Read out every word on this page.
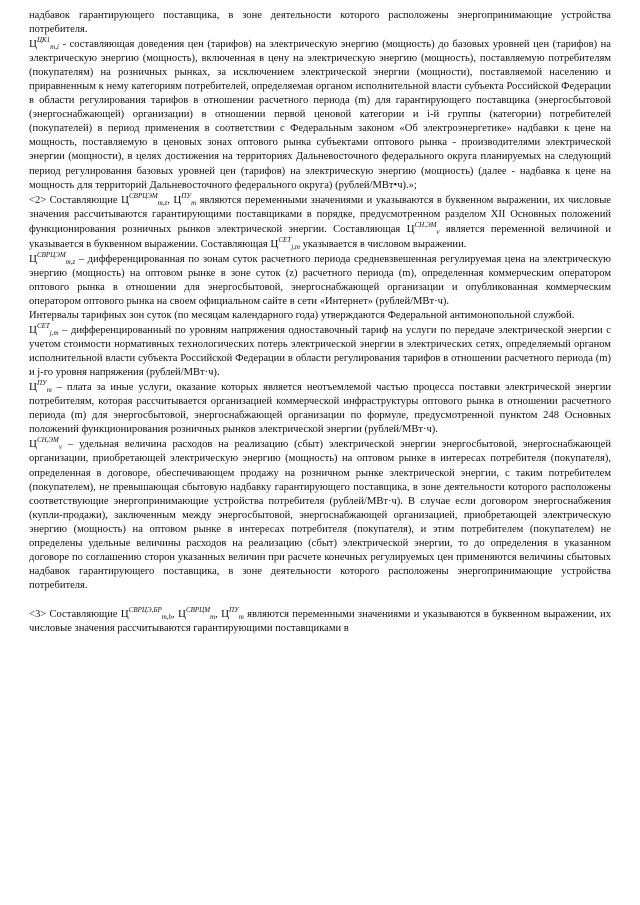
надбавок гарантирующего поставщика, в зоне деятельности которого расположены энергопринимающие устройства потребителя.

$Ц^{ЦК1}_{m,i}$ - составляющая доведения цен (тарифов) на электрическую энергию (мощность) до базовых уровней цен (тарифов) на электрическую энергию (мощность), включенная в цену на электрическую энергию (мощность), поставляемую потребителям (покупателям) на розничных рынках, за исключением электрической энергии (мощности), поставляемой населению и приравненным к нему категориям потребителей, определяемая органом исполнительной власти субъекта Российской Федерации в области регулирования тарифов в отношении расчетного периода (m) для гарантирующего поставщика (энергосбытовой (энергоснабжающей) организации) в отношении первой ценовой категории и i-й группы (категории) потребителей (покупателей) в период применения в соответствии с Федеральным законом «Об электроэнергетике» надбавки к цене на мощность, поставляемую в ценовых зонах оптового рынка субъектами оптового рынка - производителями электрической энергии (мощности), в целях достижения на территориях Дальневосточного федерального округа планируемых на следующий период регулирования базовых уровней цен (тарифов) на электрическую энергию (мощность) (далее - надбавка к цене на мощность для территорий Дальневосточного федерального округа) (рублей/МВт•ч).»;

<2> Составляющие $Ц^{СВРЦЭМ}_{m,z}$, $Ц^{ПУ}_m$ являются переменными значениями и указываются в буквенном выражении, их числовые значения рассчитываются гарантирующими поставщиками в порядке, предусмотренном разделом XII Основных положений функционирования розничных рынков электрической энергии. Составляющая $Ц^{СН,ЭМ}_v$ является переменной величиной и указывается в буквенном выражении. Составляющая $Ц^{СЕТ}_{j,m}$ указывается в числовом выражении.

$Ц^{СВРЦЭМ}_{m,z}$ – дифференцированная по зонам суток расчетного периода средневзвешенная регулируемая цена на электрическую энергию (мощность) на оптовом рынке в зоне суток (z) расчетного периода (m), определенная коммерческим оператором оптового рынка в отношении для энергосбытовой, энергоснабжающей организации и опубликованная коммерческим оператором оптового рынка на своем официальном сайте в сети «Интернет» (рублей/МВт·ч).

Интервалы тарифных зон суток (по месяцам календарного года) утверждаются Федеральной антимонопольной службой.

$Ц^{СЕТ}_{j,m}$ – дифференцированный по уровням напряжения одноставочный тариф на услуги по передаче электрической энергии с учетом стоимости нормативных технологических потерь электрической энергии в электрических сетях, определяемый органом исполнительной власти субъекта Российской Федерации в области регулирования тарифов в отношении расчетного периода (m) и j-го уровня напряжения (рублей/МВт·ч).

$Ц^{ПУ}_m$ – плата за иные услуги, оказание которых является неотъемлемой частью процесса поставки электрической энергии потребителям, которая рассчитывается организацией коммерческой инфраструктуры оптового рынка в отношении расчетного периода (m) для энергосбытовой, энергоснабжающей организации по формуле, предусмотренной пунктом 248 Основных положений функционирования розничных рынков электрической энергии (рублей/МВт·ч).

$Ц^{СН,ЭМ}_v$ – удельная величина расходов на реализацию (сбыт) электрической энергии энергосбытовой, энергоснабжающей организации, приобретающей электрическую энергию (мощность) на оптовом рынке в интересах потребителя (покупателя), определенная в договоре, обеспечивающем продажу на розничном рынке электрической энергии, с таким потребителем (покупателем), не превышающая сбытовую надбавку гарантирующего поставщика, в зоне деятельности которого расположены соответствующие энергопринимающие устройства потребителя (рублей/МВт·ч). В случае если договором энергоснабжения (купли-продажи), заключенным между энергосбытовой, энергоснабжающей организацией, приобретающей электрическую энергию (мощность) на оптовом рынке в интересах потребителя (покупателя), и этим потребителем (покупателем) не определены удельные величины расходов на реализацию (сбыт) электрической энергии, то до определения в указанном договоре по соглашению сторон указанных величин при расчете конечных регулируемых цен применяются величины сбытовых надбавок гарантирующего поставщика, в зоне деятельности которого расположены энергопринимающие устройства потребителя.

<3> Составляющие $Ц^{СВРЦЭ,БР}_{m,h}$, $Ц^{СВРЦМ}_m$, $Ц^{ПУ}_m$ являются переменными значениями и указываются в буквенном выражении, их числовые значения рассчитываются гарантирующими поставщиками в
